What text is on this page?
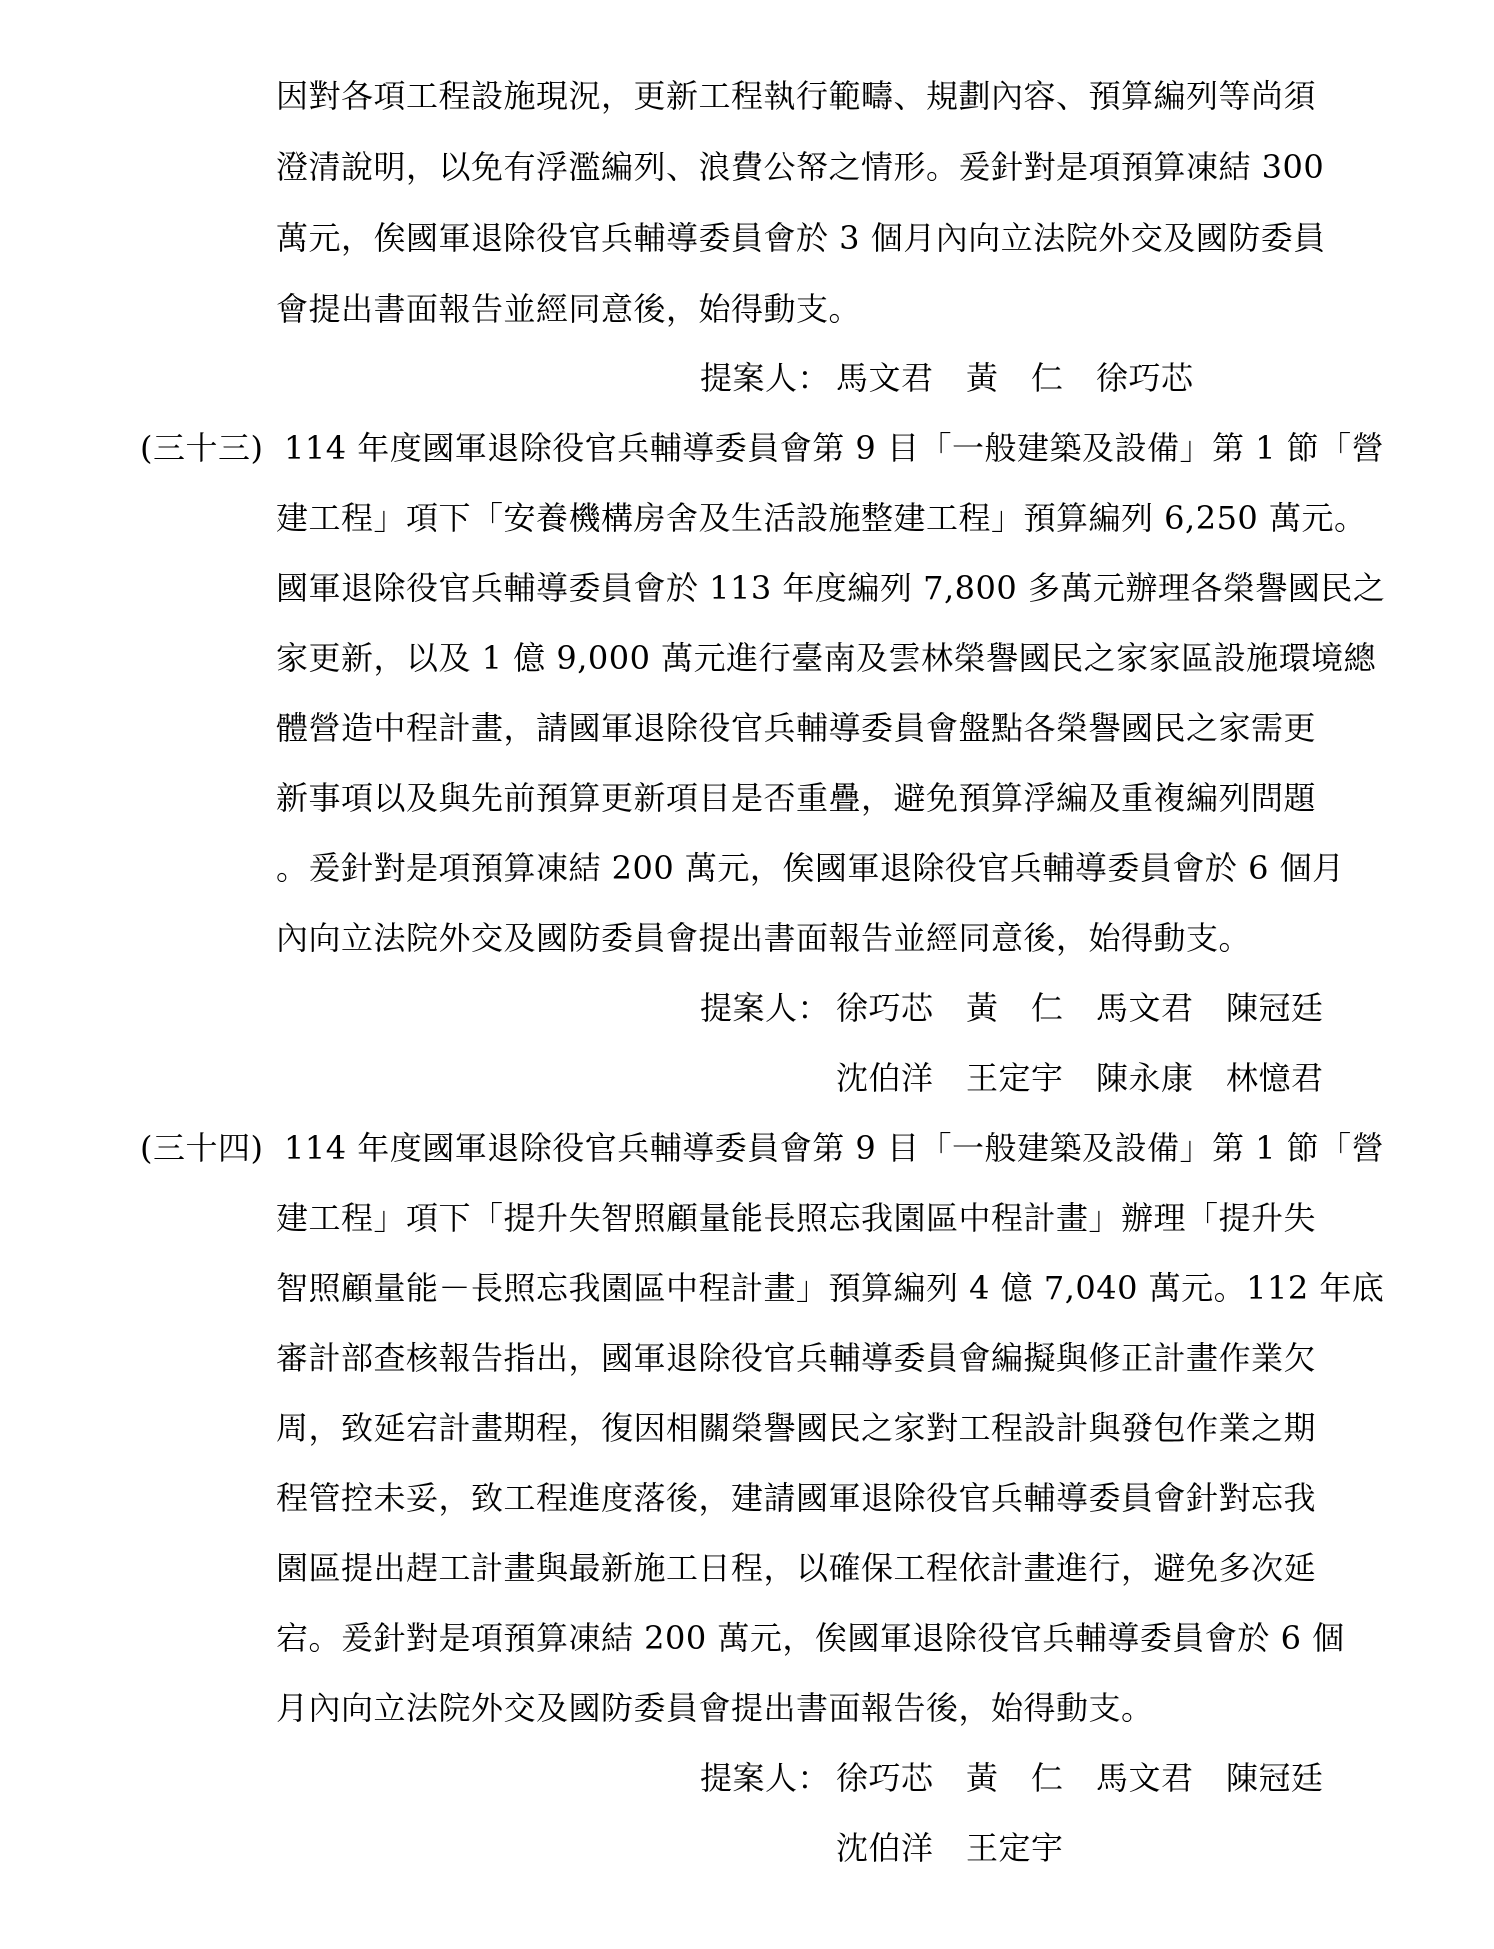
因對各項工程設施現況，更新工程執行範疇、規劃內容、預算編列等尚須
澄清說明，以免有浮濫編列、浪費公帑之情形。爰針對是項預算凍結 300
萬元，俟國軍退除役官兵輔導委員會於 3 個月內向立法院外交及國防委員
會提出書面報告並經同意後，始得動支。
提案人： 馬文君　黃　仁　徐巧芯
(三十三) 114 年度國軍退除役官兵輔導委員會第 9 目「一般建築及設備」第 1 節「營
建工程」項下「安養機構房舍及生活設施整建工程」預算編列 6,250 萬元。
國軍退除役官兵輔導委員會於 113 年度編列 7,800 多萬元辦理各榮譽國民之
家更新，以及 1 億 9,000 萬元進行臺南及雲林榮譽國民之家家區設施環境總
體營造中程計畫，請國軍退除役官兵輔導委員會盤點各榮譽國民之家需更
新事項以及與先前預算更新項目是否重疊，避免預算浮編及重複編列問題
。爰針對是項預算凍結 200 萬元，俟國軍退除役官兵輔導委員會於 6 個月
內向立法院外交及國防委員會提出書面報告並經同意後，始得動支。
提案人： 徐巧芯　黃　仁　馬文君　陳冠廷
沈伯洋　王定宇　陳永康　林憶君
(三十四) 114 年度國軍退除役官兵輔導委員會第 9 目「一般建築及設備」第 1 節「營
建工程」項下「提升失智照顧量能長照忘我園區中程計畫」辦理「提升失
智照顧量能－長照忘我園區中程計畫」預算編列 4 億 7,040 萬元。112 年底
審計部查核報告指出，國軍退除役官兵輔導委員會編擬與修正計畫作業欠
周，致延宕計畫期程，復因相關榮譽國民之家對工程設計與發包作業之期
程管控未妥，致工程進度落後，建請國軍退除役官兵輔導委員會針對忘我
園區提出趕工計畫與最新施工日程，以確保工程依計畫進行，避免多次延
宕。爰針對是項預算凍結 200 萬元，俟國軍退除役官兵輔導委員會於 6 個
月內向立法院外交及國防委員會提出書面報告後，始得動支。
提案人： 徐巧芯　黃　仁　馬文君　陳冠廷
沈伯洋　王定宇
